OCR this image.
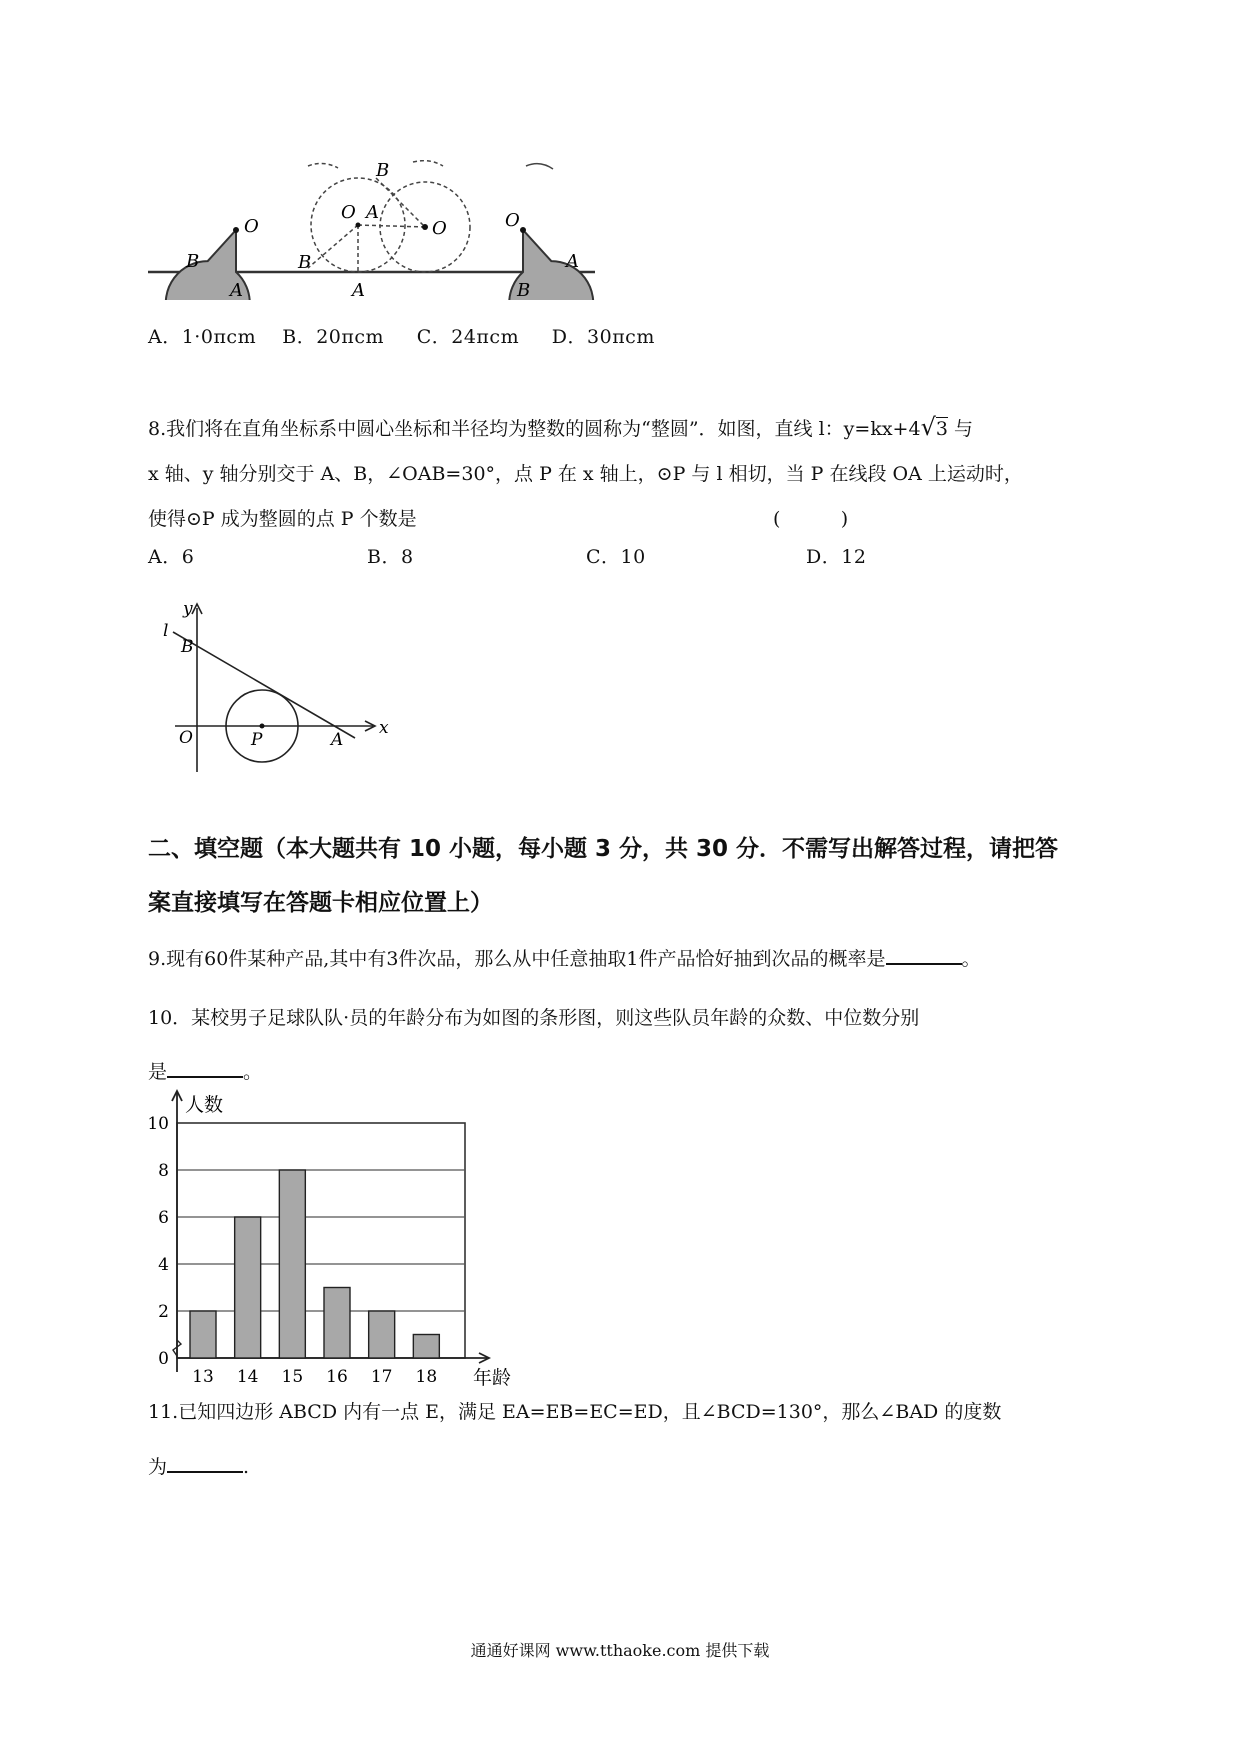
O
B
A
B
O A
O
B
A
O
A
B
A．1·0πcm    B．20πcm     C．24πcm     D．30πcm
8.我们将在直角坐标系中圆心坐标和半径均为整数的圆称为“整圆”．如图，直线 l：y=kx+4√3 与
x 轴、y 轴分别交于 A、B，∠OAB=30°，点 P 在 x 轴上，⊙P 与 l 相切，当 P 在线段 OA 上运动时，
使得⊙P 成为整圆的点 P 个数是	(          )
A．6	B．8	C．10	D．12
l
y
x
B
O	P	A
二、填空题（本大题共有 10 小题，每小题 3 分，共 30 分．不需写出解答过程，请把答
案直接填写在答题卡相应位置上）
9.现有60件某种产品,其中有3件次品，那么从中任意抽取1件产品恰好抽到次品的概率是	。
10．某校男子足球队队·员的年龄分布为如图的条形图，则这些队员年龄的众数、中位数分别
是	。
0
2
4
6
8
10
13 14 15 16 17 18
人数
年龄
11.已知四边形 ABCD 内有一点 E，满足 EA=EB=EC=ED，且∠BCD=130°，那么∠BAD 的度数
为	.
通通好课网 www.tthaoke.com 提供下载
